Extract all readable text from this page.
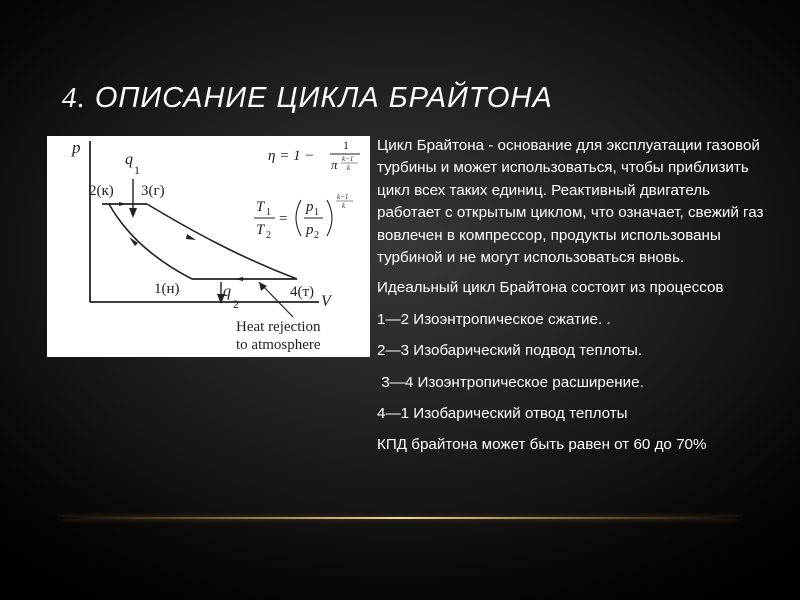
4. ОПИСАНИЕ ЦИКЛА БРАЙТОНА
p
V
q
1
q
2
2(к) 3(г)
1(н)	4(т)
Heat rejection
to atmosphere
η = 1 −
1
π k−1
k
T 1
T 2
=
p 1
p 2
k−1
k

Цикл Брайтона - основание для эксплуатации газовой турбины и может использоваться, чтобы приблизить цикл всех таких единиц. Реактивный двигатель работает с открытым циклом, что означает, свежий газ вовлечен в компрессор, продукты использованы турбиной и не могут использоваться вновь.

Идеальный цикл Брайтона состоит из процессов

1—2 Изоэнтропическое сжатие. .

2—3 Изобарический подвод теплоты.

3—4 Изоэнтропическое расширение.

4—1 Изобарический отвод теплоты

КПД брайтона может быть равен от 60 до 70%
